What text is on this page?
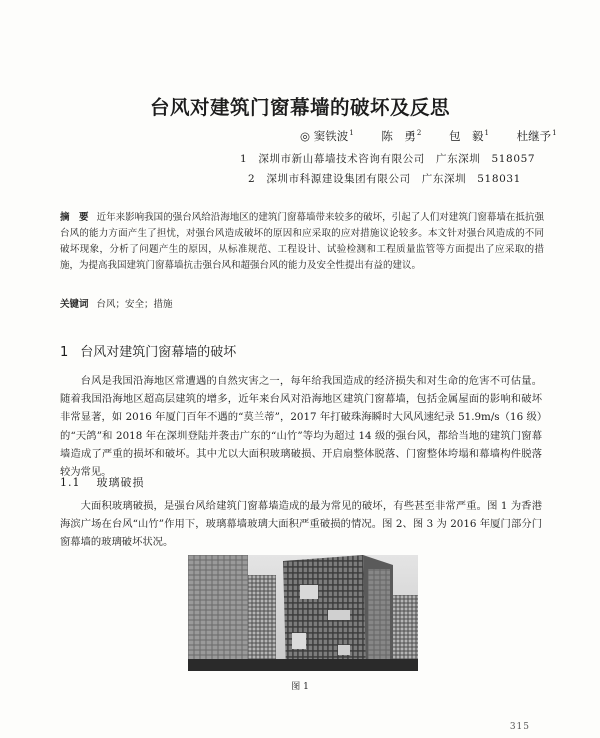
台风对建筑门窗幕墙的破坏及反思
◎ 窦铁波$^1$ 陈　勇$^2$ 包　毅$^1$ 杜继予$^1$
1　深圳市新山幕墙技术咨询有限公司　广东深圳　518057
2　深圳市科源建设集团有限公司　广东深圳　518031
摘　要 近年来影响我国的强台风给沿海地区的建筑门窗幕墙带来较多的破坏，引起了人们对建筑门窗幕墙在抵抗强台风的能力方面产生了担忧，对强台风造成破坏的原因和应采取的应对措施议论较多。本文针对强台风造成的不同破坏现象，分析了问题产生的原因，从标准规范、工程设计、试验检测和工程质量监管等方面提出了应采取的措施，为提高我国建筑门窗幕墙抗击强台风和超强台风的能力及安全性提出有益的建议。
关键词 台风；安全；措施
1 台风对建筑门窗幕墙的破坏
台风是我国沿海地区常遭遇的自然灾害之一，每年给我国造成的经济损失和对生命的危害不可估量。随着我国沿海地区超高层建筑的增多，近年来台风对沿海地区建筑门窗幕墙，包括金属屋面的影响和破坏非常显著，如 2016 年厦门百年不遇的“莫兰蒂”，2017 年打破珠海瞬时大风风速纪录 51.9m/s（16 级）的“天鸽”和 2018 年在深圳登陆并袭击广东的“山竹”等均为超过 14 级的强台风，都给当地的建筑门窗幕墙造成了严重的损坏和破坏。其中尤以大面积玻璃破损、开启扇整体脱落、门窗整体垮塌和幕墙构件脱落较为常见。
1.1 玻璃破损
大面积玻璃破损，是强台风给建筑门窗幕墙造成的最为常见的破坏，有些甚至非常严重。图 1 为香港海滨广场在台风“山竹”作用下，玻璃幕墙玻璃大面积严重破损的情况。图 2、图 3 为 2016 年厦门部分门窗幕墙的玻璃破坏状况。
图 1
315
